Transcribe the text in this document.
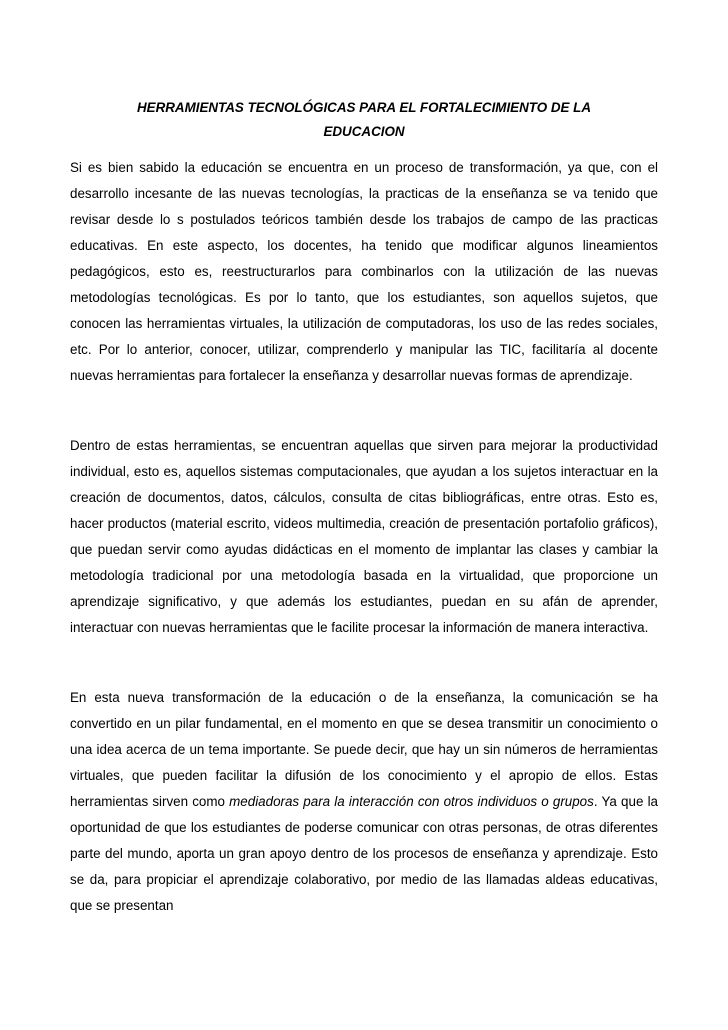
HERRAMIENTAS TECNOLÓGICAS PARA EL FORTALECIMIENTO DE LA
EDUCACION

Si es bien sabido la educación se encuentra en un proceso de transformación, ya que, con el desarrollo incesante de las nuevas tecnologías, la practicas de la enseñanza se va tenido que revisar desde lo s postulados teóricos también desde los trabajos de campo de las practicas educativas. En este aspecto, los docentes, ha tenido que modificar algunos lineamientos pedagógicos, esto es, reestructurarlos para combinarlos con la utilización de las nuevas metodologías tecnológicas. Es por lo tanto, que los estudiantes, son aquellos sujetos, que conocen las herramientas virtuales, la utilización de computadoras, los uso de las redes sociales, etc. Por lo anterior, conocer, utilizar, comprenderlo y manipular las TIC, facilitaría al docente nuevas herramientas para fortalecer la enseñanza y desarrollar nuevas formas de aprendizaje.

Dentro de estas herramientas, se encuentran aquellas que sirven para mejorar la productividad individual, esto es, aquellos sistemas computacionales, que ayudan a los sujetos interactuar en la creación de documentos, datos, cálculos, consulta de citas bibliográficas, entre otras. Esto es, hacer productos (material escrito, videos multimedia, creación de presentación portafolio gráficos), que puedan servir como ayudas didácticas en el momento de implantar las clases y cambiar la metodología tradicional por una metodología basada en la virtualidad, que proporcione un aprendizaje significativo, y que además los estudiantes, puedan en su afán de aprender, interactuar con nuevas herramientas que le facilite procesar la información de manera interactiva.

En esta nueva transformación de la educación o de la enseñanza, la comunicación se ha convertido en un pilar fundamental, en el momento en que se desea transmitir un conocimiento o una idea acerca de un tema importante. Se puede decir, que hay un sin números de herramientas virtuales, que pueden facilitar la difusión de los conocimiento y el apropio de ellos. Estas herramientas sirven como mediadoras para la interacción con otros individuos o grupos. Ya que la oportunidad de que los estudiantes de poderse comunicar con otras personas, de otras diferentes parte del mundo, aporta un gran apoyo dentro de los procesos de enseñanza y aprendizaje. Esto se da, para propiciar el aprendizaje colaborativo, por medio de las llamadas aldeas educativas, que se presentan
